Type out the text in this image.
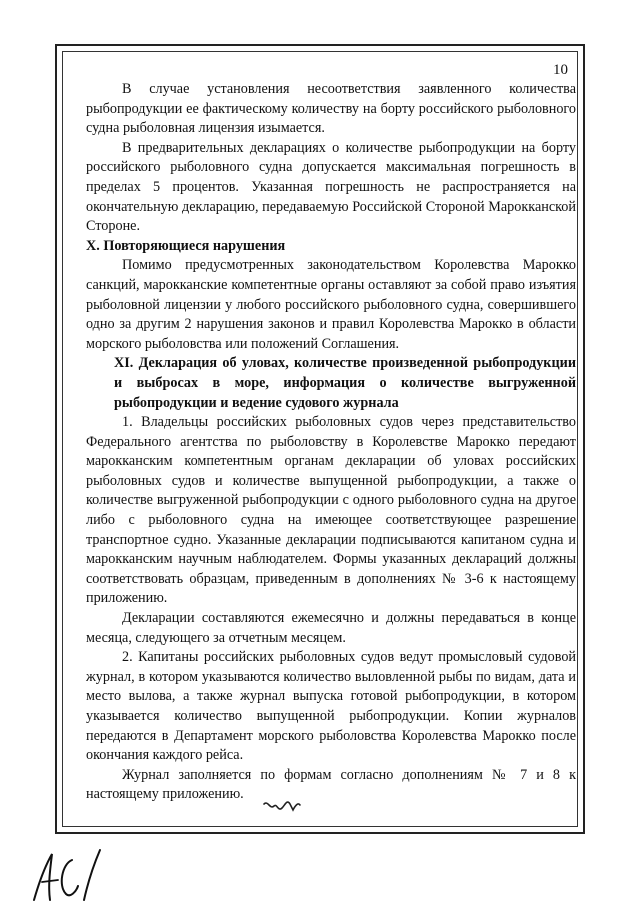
10

В случае установления несоответствия заявленного количества рыбопродукции ее фактическому количеству на борту российского рыболовного судна рыболовная лицензия изымается.

В предварительных декларациях о количестве рыбопродукции на борту российского рыболовного судна допускается максимальная погрешность в пределах 5 процентов. Указанная погрешность не распространяется на окончательную декларацию, передаваемую Российской Стороной Марокканской Стороне.

X. Повторяющиеся нарушения

Помимо предусмотренных законодательством Королевства Марокко санкций, марокканские компетентные органы оставляют за собой право изъятия рыболовной лицензии у любого российского рыболовного судна, совершившего одно за другим 2 нарушения законов и правил Королевства Марокко в области морского рыболовства или положений Соглашения.

XI. Декларация об уловах, количестве произведенной рыбопродукции и выбросах в море, информация о количестве выгруженной рыбопродукции и ведение судового журнала

1. Владельцы российских рыболовных судов через представительство Федерального агентства по рыболовству в Королевстве Марокко передают марокканским компетентным органам декларации об уловах российских рыболовных судов и количестве выпущенной рыбопродукции, а также о количестве выгруженной рыбопродукции с одного рыболовного судна на другое либо с рыболовного судна на имеющее соответствующее разрешение транспортное судно. Указанные декларации подписываются капитаном судна и марокканским научным наблюдателем. Формы указанных деклараций должны соответствовать образцам, приведенным в дополнениях № 3-6 к настоящему приложению.

Декларации составляются ежемесячно и должны передаваться в конце месяца, следующего за отчетным месяцем.

2. Капитаны российских рыболовных судов ведут промысловый судовой журнал, в котором указываются количество выловленной рыбы по видам, дата и место вылова, а также журнал выпуска готовой рыбопродукции, в котором указывается количество выпущенной рыбопродукции. Копии журналов передаются в Департамент морского рыболовства Королевства Марокко после окончания каждого рейса.

Журнал заполняется по формам согласно дополнениям № 7 и 8 к настоящему приложению.
